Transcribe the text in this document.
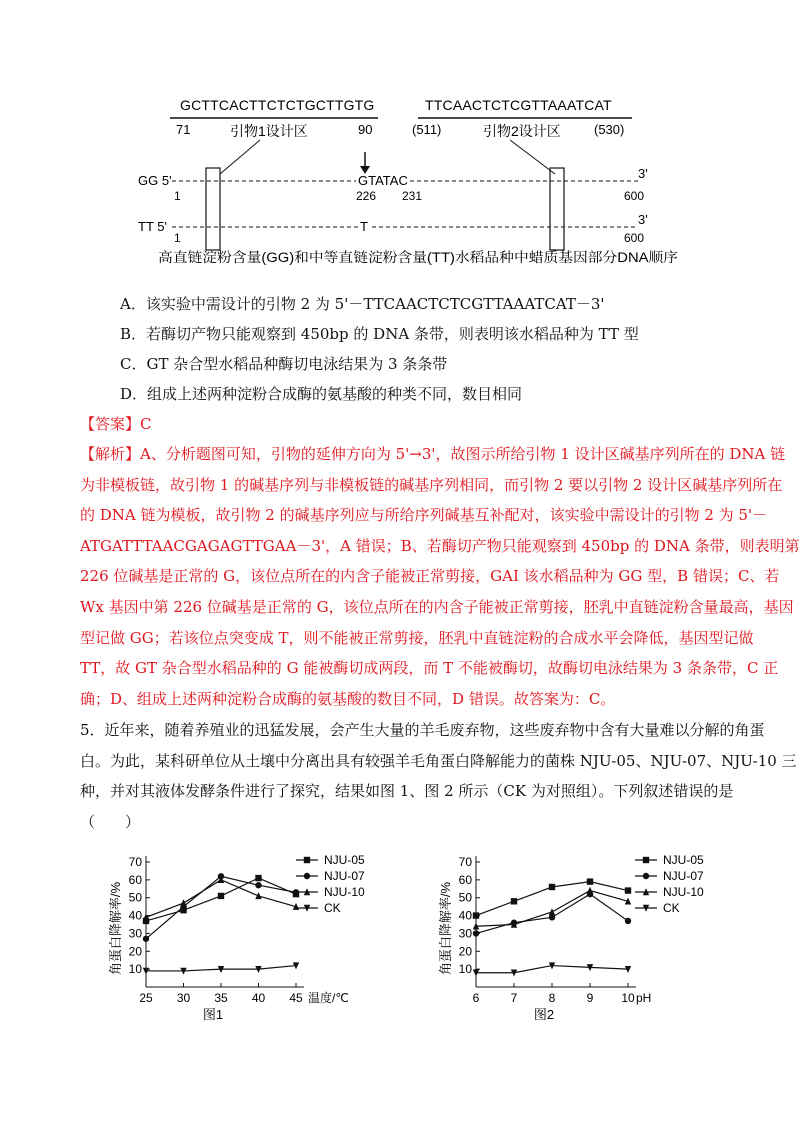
GCTTCACTTCTCTGCTTGTG
71	引物1设计区	90
TTCAACTCTCGTTAAATCAT
(511)	引物2设计区	(530)
GG 5'	GTATAC	3'
1	226 231	600
TT 5'	T	3'
1	600
高直链淀粉含量(GG)和中等直链淀粉含量(TT)水稻品种中蜡质基因部分DNA顺序
A．该实验中需设计的引物 2 为 5'－TTCAACTCTCGTTAAATCAT－3'
B．若酶切产物只能观察到 450bp 的 DNA 条带，则表明该水稻品种为 TT 型
C．GT 杂合型水稻品种酶切电泳结果为 3 条条带
D．组成上述两种淀粉合成酶的氨基酸的种类不同，数目相同
【答案】C
【解析】A、分析题图可知，引物的延伸方向为 5'→3'，故图示所给引物 1 设计区碱基序列所在的 DNA 链
为非模板链，故引物 1 的碱基序列与非模板链的碱基序列相同，而引物 2 要以引物 2 设计区碱基序列所在
的 DNA 链为模板，故引物 2 的碱基序列应与所给序列碱基互补配对，该实验中需设计的引物 2 为 5'－
ATGATTTAACGAGAGTTGAA－3'，A 错误；B、若酶切产物只能观察到 450bp 的 DNA 条带，则表明第
226 位碱基是正常的 G，该位点所在的内含子能被正常剪接，GAI 该水稻品种为 GG 型，B 错误；C、若
Wx 基因中第 226 位碱基是正常的 G，该位点所在的内含子能被正常剪接，胚乳中直链淀粉含量最高，基因
型记做 GG；若该位点突变成 T，则不能被正常剪接，胚乳中直链淀粉的合成水平会降低，基因型记做
TT，故 GT 杂合型水稻品种的 G 能被酶切成两段，而 T 不能被酶切，故酶切电泳结果为 3 条条带，C 正
确；D、组成上述两种淀粉合成酶的氨基酸的数目不同，D 错误。故答案为：C。
5．近年来，随着养殖业的迅猛发展，会产生大量的羊毛废弃物，这些废弃物中含有大量难以分解的角蛋
白。为此，某科研单位从土壤中分离出具有较强羊毛角蛋白降解能力的菌株 NJU-05、NJU-07、NJU-10 三
种，并对其液体发酵条件进行了探究，结果如图 1、图 2 所示（CK 为对照组）。下列叙述错误的是
（　　）
10
20
30
40
50
60
70
25 30 35 40 45 温度/℃
角蛋白降解率/%
NJU-05
NJU-07
NJU-10
CK
图1
10
20
30
40
50
60
70
6	7	8	9 10 pH
角蛋白降解率/%
NJU-05
NJU-07
NJU-10
CK
图2
